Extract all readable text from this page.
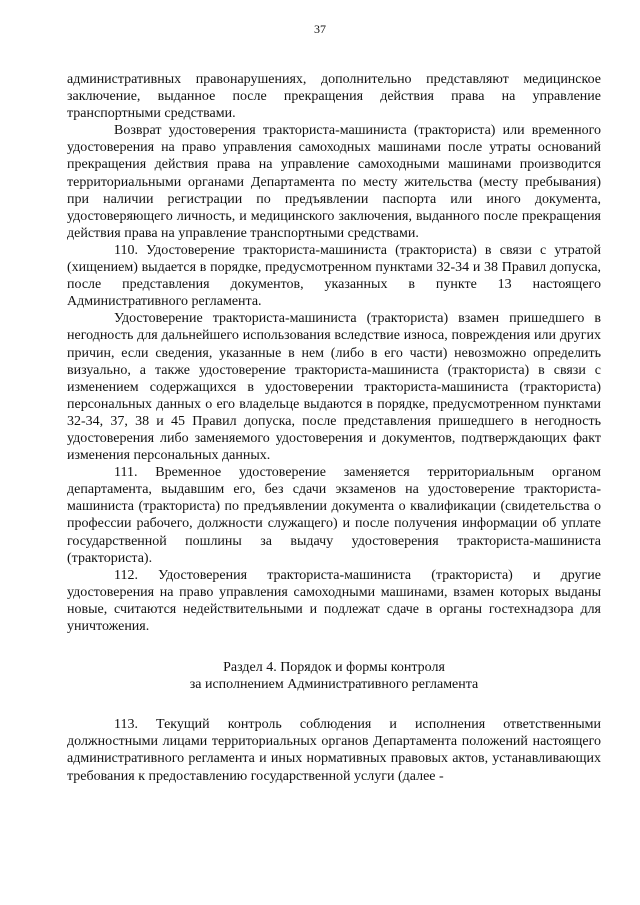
37

административных правонарушениях, дополнительно представляют медицинское заключение, выданное после прекращения действия права на управление транспортными средствами.

Возврат удостоверения тракториста-машиниста (тракториста) или временного удостоверения на право управления самоходных машинами после утраты оснований прекращения действия права на управление самоходными машинами производится территориальными органами Департамента по месту жительства (месту пребывания) при наличии регистрации по предъявлении паспорта или иного документа, удостоверяющего личность, и медицинского заключения, выданного после прекращения действия права на управление транспортными средствами.

110. Удостоверение тракториста-машиниста (тракториста) в связи с утратой (хищением) выдается в порядке, предусмотренном пунктами 32-34 и 38 Правил допуска, после представления документов, указанных в пункте 13 настоящего Административного регламента.

Удостоверение тракториста-машиниста (тракториста) взамен пришедшего в негодность для дальнейшего использования вследствие износа, повреждения или других причин, если сведения, указанные в нем (либо в его части) невозможно определить визуально, а также удостоверение тракториста-машиниста (тракториста) в связи с изменением содержащихся в удостоверении тракториста-машиниста (тракториста) персональных данных о его владельце выдаются в порядке, предусмотренном пунктами 32-34, 37, 38 и 45 Правил допуска, после представления пришедшего в негодность удостоверения либо заменяемого удостоверения и документов, подтверждающих факт изменения персональных данных.

111. Временное удостоверение заменяется территориальным органом департамента, выдавшим его, без сдачи экзаменов на удостоверение тракториста-машиниста (тракториста) по предъявлении документа о квалификации (свидетельства о профессии рабочего, должности служащего) и после получения информации об уплате государственной пошлины за выдачу удостоверения тракториста-машиниста (тракториста).

112. Удостоверения тракториста-машиниста (тракториста) и другие удостоверения на право управления самоходными машинами, взамен которых выданы новые, считаются недействительными и подлежат сдаче в органы гостехнадзора для уничтожения.

Раздел 4. Порядок и формы контроля
за исполнением Административного регламента

113. Текущий контроль соблюдения и исполнения ответственными должностными лицами территориальных органов Департамента положений настоящего административного регламента и иных нормативных правовых актов, устанавливающих требования к предоставлению государственной услуги (далее -
